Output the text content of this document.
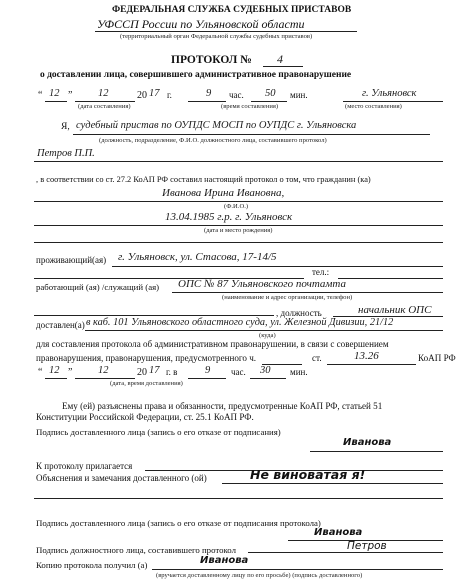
ФЕДЕРАЛЬНАЯ СЛУЖБА СУДЕБНЫХ ПРИСТАВОВ
УФССП России по Ульяновской области
(территориальный орган Федеральной службы судебных приставов)
ПРОТОКОЛ № 4
о доставлении лица, совершившего административное правонарушение
“ 12 ” 12	20 17 г.	9 час. 50 мин.	г. Ульяновск
(дата составления)	(время составления)	(место составления)
Я, судебный пристав по ОУПДС МОСП по ОУПДС г. Ульяновска
(должность, подразделение, Ф.И.О. должностного лица, составившего протокол)
Петров П.П.
, в соответствии со ст. 27.2 КоАП РФ составил настоящий протокол о том, что гражданин (ка)
Иванова Ирина Ивановна,
(Ф.И.О.)
13.04.1985 г.р. г. Ульяновск
(дата и место рождения)
проживающий(ая) г. Ульяновск, ул. Стасова, 17-14/5
тел.:
работающий (ая) /служащий (ая) ОПС № 87 Ульяновского почтамта
(наименование и адрес организации, телефон)
, должность	начальник ОПС
доставлен(а) в каб. 101 Ульяновского областного суда, ул. Железной Дивизии, 21/12
(куда)
для составления протокола об административном правонарушении, в связи с совершением
правонарушения, правонарушения, предусмотренного ч.	ст.	13.26	КоАП РФ
“ 12 ” 12	20 17 г. в	9 час. 30 мин.
(дата, время доставления)
Ему (ей) разъяснены права и обязанности, предусмотренные КоАП РФ, статьей 51
Конституции Российской Федерации, ст. 25.1 КоАП РФ.
Подпись доставленного лица (запись о его отказе от подписания)
Иванова
К протоколу прилагается
Объяснения и замечания доставленного (ой)	Не виноватая я!
Подпись доставленного лица (запись о его отказе от подписания протокола)
Иванова
Подпись должностного лица, составившего протокол	Петров
Копию протокола получил (а)	Иванова
(вручается доставленному лицу по его просьбе) (подпись доставленного)
